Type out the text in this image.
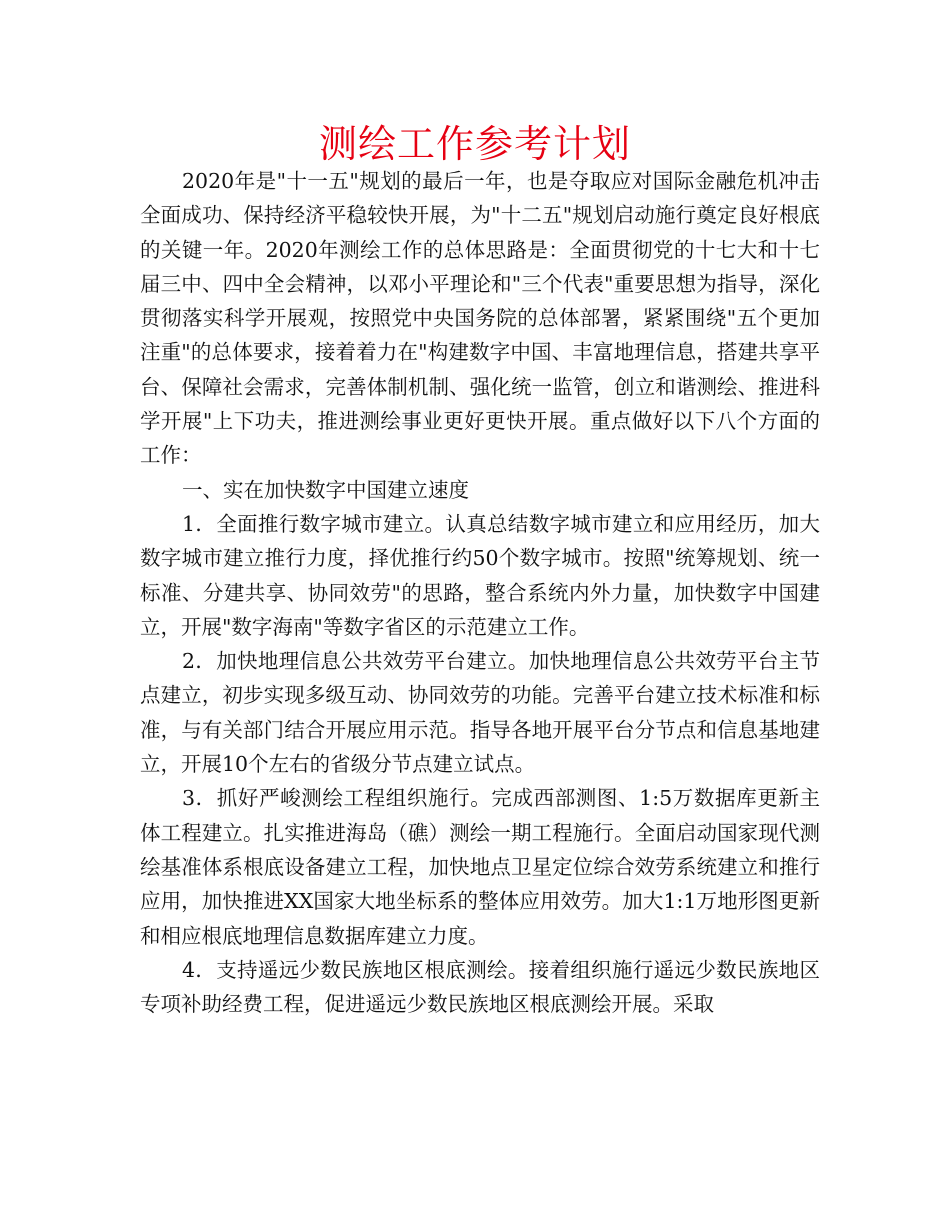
测绘工作参考计划

2020年是"十一五"规划的最后一年，也是夺取应对国际金融危机冲击全面成功、保持经济平稳较快开展，为"十二五"规划启动施行奠定良好根底的关键一年。2020年测绘工作的总体思路是：全面贯彻党的十七大和十七届三中、四中全会精神，以邓小平理论和"三个代表"重要思想为指导，深化贯彻落实科学开展观，按照党中央国务院的总体部署，紧紧围绕"五个更加注重"的总体要求，接着着力在"构建数字中国、丰富地理信息，搭建共享平台、保障社会需求，完善体制机制、强化统一监管，创立和谐测绘、推进科学开展"上下功夫，推进测绘事业更好更快开展。重点做好以下八个方面的工作：

一、实在加快数字中国建立速度

1．全面推行数字城市建立。认真总结数字城市建立和应用经历，加大数字城市建立推行力度，择优推行约50个数字城市。按照"统筹规划、统一标准、分建共享、协同效劳"的思路，整合系统内外力量，加快数字中国建立，开展"数字海南"等数字省区的示范建立工作。

2．加快地理信息公共效劳平台建立。加快地理信息公共效劳平台主节点建立，初步实现多级互动、协同效劳的功能。完善平台建立技术标准和标准，与有关部门结合开展应用示范。指导各地开展平台分节点和信息基地建立，开展10个左右的省级分节点建立试点。

3．抓好严峻测绘工程组织施行。完成西部测图、1:5万数据库更新主体工程建立。扎实推进海岛（礁）测绘一期工程施行。全面启动国家现代测绘基准体系根底设备建立工程，加快地点卫星定位综合效劳系统建立和推行应用，加快推进XX国家大地坐标系的整体应用效劳。加大1:1万地形图更新和相应根底地理信息数据库建立力度。

4．支持遥远少数民族地区根底测绘。接着组织施行遥远少数民族地区专项补助经费工程，促进遥远少数民族地区根底测绘开展。采取
